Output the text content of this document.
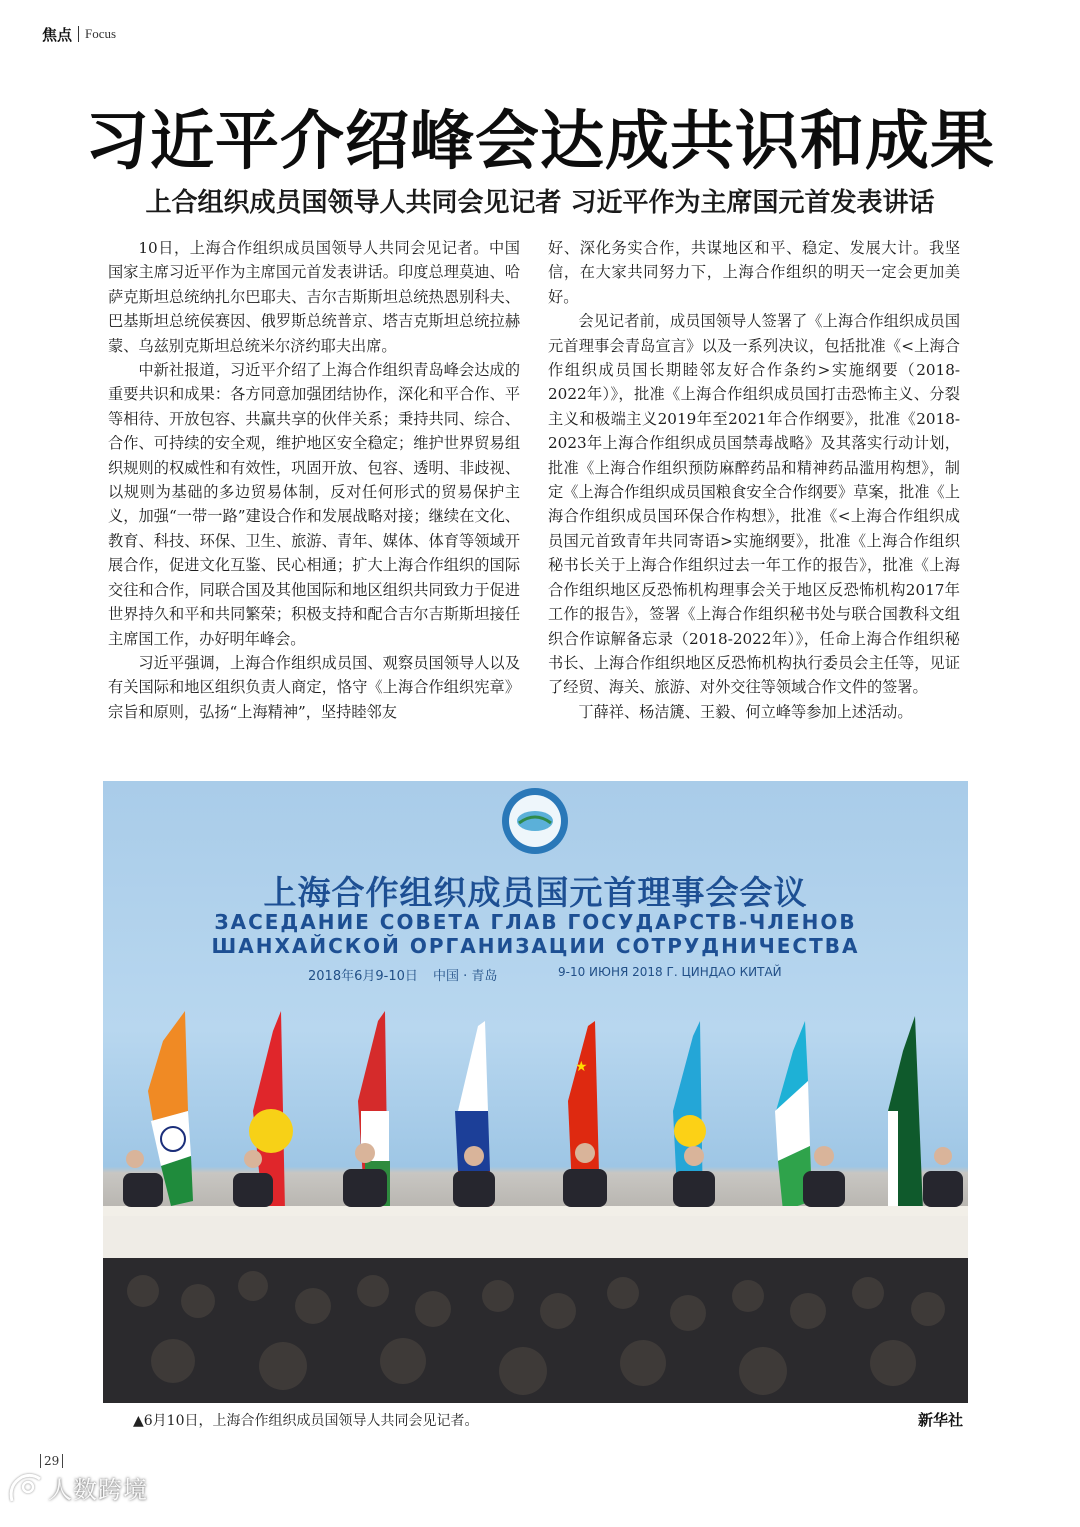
焦点 Focus
习近平介绍峰会达成共识和成果
上合组织成员国领导人共同会见记者 习近平作为主席国元首发表讲话

10日，上海合作组织成员国领导人共同会见记者。中国国家主席习近平作为主席国元首发表讲话。印度总理莫迪、哈萨克斯坦总统纳扎尔巴耶夫、吉尔吉斯斯坦总统热恩别科夫、巴基斯坦总统侯赛因、俄罗斯总统普京、塔吉克斯坦总统拉赫蒙、乌兹别克斯坦总统米尔济约耶夫出席。

中新社报道，习近平介绍了上海合作组织青岛峰会达成的重要共识和成果：各方同意加强团结协作，深化和平合作、平等相待、开放包容、共赢共享的伙伴关系；秉持共同、综合、合作、可持续的安全观，维护地区安全稳定；维护世界贸易组织规则的权威性和有效性，巩固开放、包容、透明、非歧视、以规则为基础的多边贸易体制，反对任何形式的贸易保护主义，加强“一带一路”建设合作和发展战略对接；继续在文化、教育、科技、环保、卫生、旅游、青年、媒体、体育等领域开展合作，促进文化互鉴、民心相通；扩大上海合作组织的国际交往和合作，同联合国及其他国际和地区组织共同致力于促进世界持久和平和共同繁荣；积极支持和配合吉尔吉斯斯坦接任主席国工作，办好明年峰会。

习近平强调，上海合作组织成员国、观察员国领导人以及有关国际和地区组织负责人商定，恪守《上海合作组织宪章》宗旨和原则，弘扬“上海精神”，坚持睦邻友

好、深化务实合作，共谋地区和平、稳定、发展大计。我坚信，在大家共同努力下，上海合作组织的明天一定会更加美好。

会见记者前，成员国领导人签署了《上海合作组织成员国元首理事会青岛宣言》以及一系列决议，包括批准《<上海合作组织成员国长期睦邻友好合作条约>实施纲要（2018-2022年）》，批准《上海合作组织成员国打击恐怖主义、分裂主义和极端主义2019年至2021年合作纲要》，批准《2018-2023年上海合作组织成员国禁毒战略》及其落实行动计划，批准《上海合作组织预防麻醉药品和精神药品滥用构想》，制定《上海合作组织成员国粮食安全合作纲要》草案，批准《上海合作组织成员国环保合作构想》，批准《<上海合作组织成员国元首致青年共同寄语>实施纲要》，批准《上海合作组织秘书长关于上海合作组织过去一年工作的报告》，批准《上海合作组织地区反恐怖机构理事会关于地区反恐怖机构2017年工作的报告》，签署《上海合作组织秘书处与联合国教科文组织合作谅解备忘录（2018-2022年）》，任命上海合作组织秘书长、上海合作组织地区反恐怖机构执行委员会主任等，见证了经贸、海关、旅游、对外交往等领域合作文件的签署。

丁薛祥、杨洁篪、王毅、何立峰等参加上述活动。

★
上海合作组织成员国元首理事会会议
ЗАСЕДАНИЕ СОВЕТА ГЛАВ ГОСУДАРСТВ-ЧЛЕНОВ
ШАНХАЙСКОЙ ОРГАНИЗАЦИИ СОТРУДНИЧЕСТВА
2018年6月9-10日 中国 · 青岛	9-10 ИЮНЯ 2018 Г. ЦИНДАО КИТАЙ
▲6月10日，上海合作组织成员国领导人共同会见记者。	新华社
29
人数跨境
